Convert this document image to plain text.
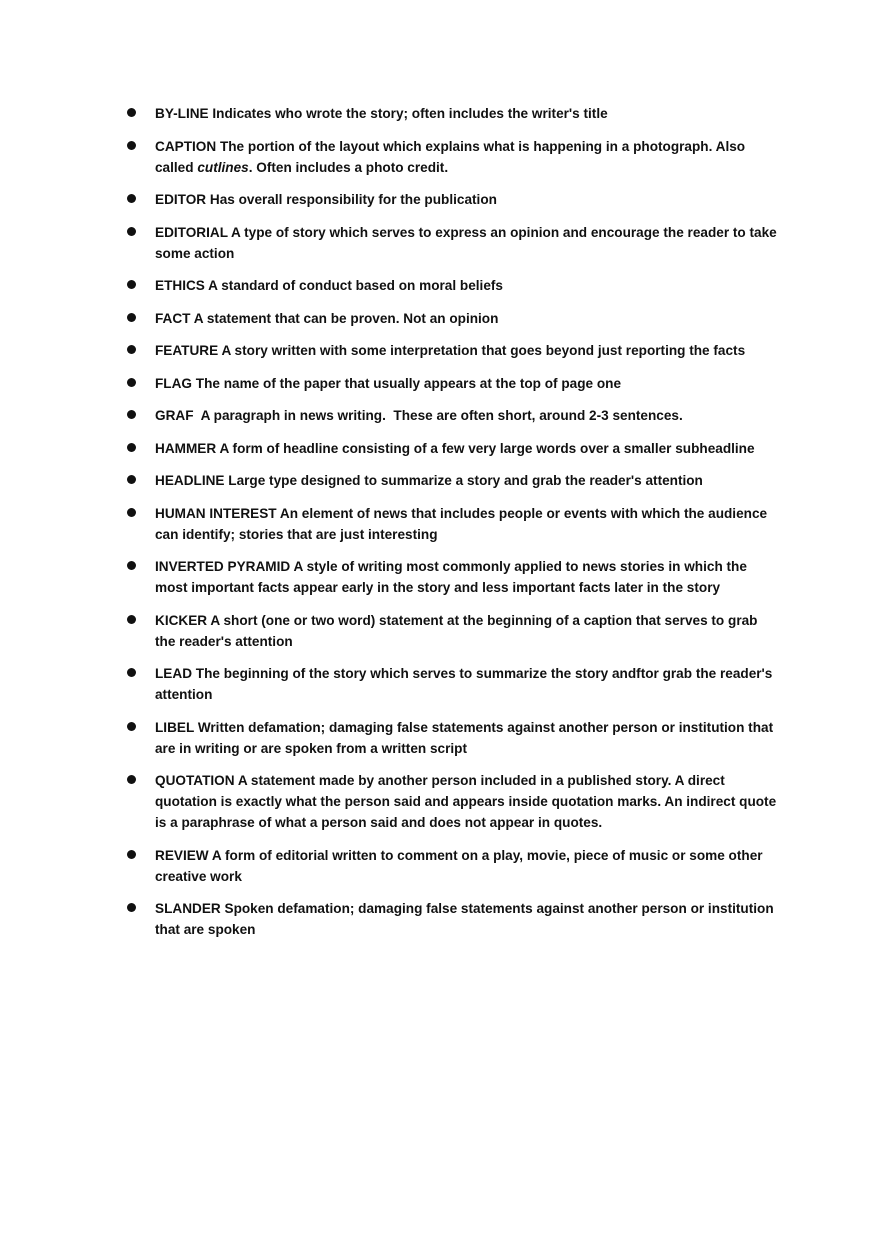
BY-LINE Indicates who wrote the story; often includes the writer's title
CAPTION The portion of the layout which explains what is happening in a photograph. Also called cutlines. Often includes a photo credit.
EDITOR Has overall responsibility for the publication
EDITORIAL A type of story which serves to express an opinion and encourage the reader to take some action
ETHICS A standard of conduct based on moral beliefs
FACT A statement that can be proven. Not an opinion
FEATURE A story written with some interpretation that goes beyond just reporting the facts
FLAG The name of the paper that usually appears at the top of page one
GRAF  A paragraph in news writing.  These are often short, around 2-3 sentences.
HAMMER A form of headline consisting of a few very large words over a smaller subheadline
HEADLINE Large type designed to summarize a story and grab the reader's attention
HUMAN INTEREST An element of news that includes people or events with which the audience can identify; stories that are just interesting
INVERTED PYRAMID A style of writing most commonly applied to news stories in which the most important facts appear early in the story and less important facts later in the story
KICKER A short (one or two word) statement at the beginning of a caption that serves to grab the reader's attention
LEAD The beginning of the story which serves to summarize the story andftor grab the reader's attention
LIBEL Written defamation; damaging false statements against another person or institution that are in writing or are spoken from a written script
QUOTATION A statement made by another person included in a published story. A direct quotation is exactly what the person said and appears inside quotation marks. An indirect quote is a paraphrase of what a person said and does not appear in quotes.
REVIEW A form of editorial written to comment on a play, movie, piece of music or some other creative work
SLANDER Spoken defamation; damaging false statements against another person or institution that are spoken
